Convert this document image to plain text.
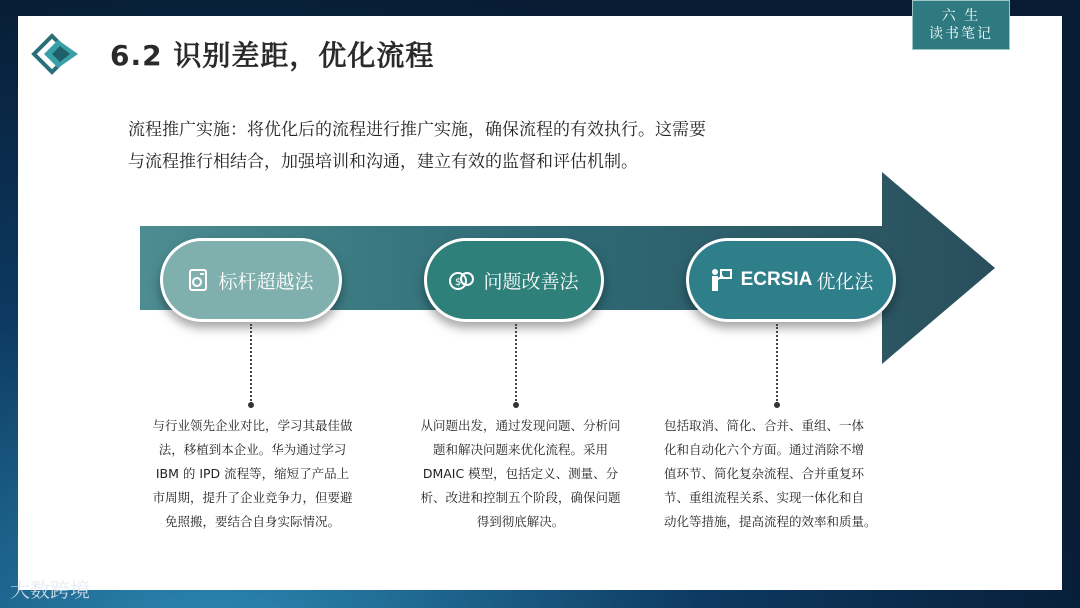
6.2 识别差距，优化流程
六 生
读书笔记
流程推广实施：将优化后的流程进行推广实施，确保流程的有效执行。这需要
与流程推行相结合，加强培训和沟通，建立有效的监督和评估机制。
标杆超越法	$ 问题改善法	ECRSIA 优化法
与行业领先企业对比，学习其最佳做
法，移植到本企业。华为通过学习
IBM 的 IPD 流程等，缩短了产品上
市周期，提升了企业竞争力，但要避
免照搬，要结合自身实际情况。
从问题出发，通过发现问题、分析问
题和解决问题来优化流程。采用
DMAIC 模型，包括定义、测量、分
析、改进和控制五个阶段，确保问题
得到彻底解决。
包括取消、简化、合并、重组、一体
化和自动化六个方面。通过消除不增
值环节、简化复杂流程、合并重复环
节、重组流程关系、实现一体化和自
动化等措施，提高流程的效率和质量。
大数跨境
